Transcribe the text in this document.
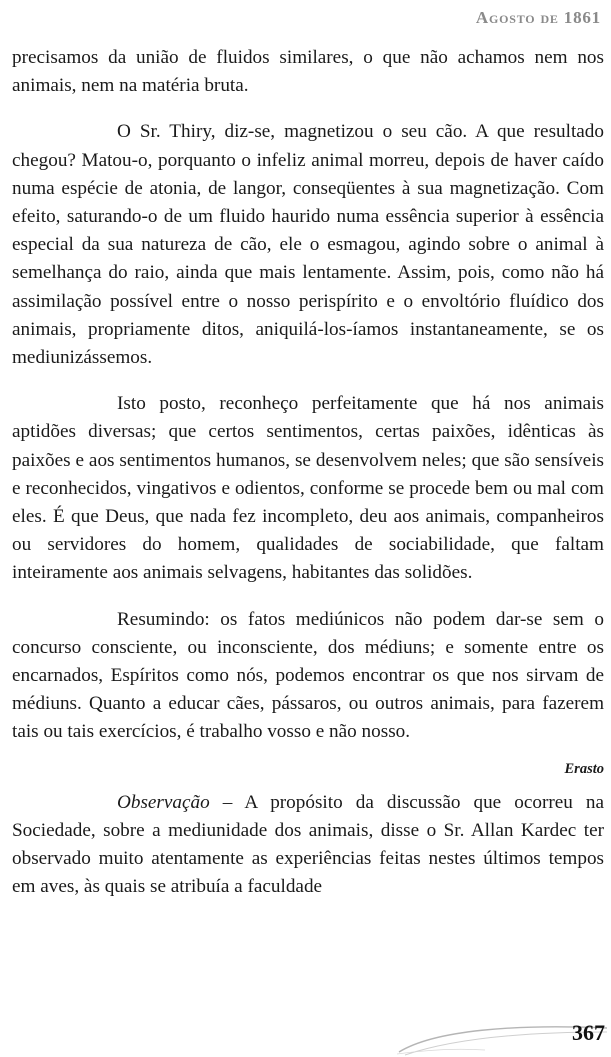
Agosto de 1861

precisamos da união de fluidos similares, o que não achamos nem nos animais, nem na matéria bruta.

O Sr. Thiry, diz-se, magnetizou o seu cão. A que resultado chegou? Matou-o, porquanto o infeliz animal morreu, depois de haver caído numa espécie de atonia, de langor, conseqüentes à sua magnetização. Com efeito, saturando-o de um fluido haurido numa essência superior à essência especial da sua natureza de cão, ele o esmagou, agindo sobre o animal à semelhança do raio, ainda que mais lentamente. Assim, pois, como não há assimilação possível entre o nosso perispírito e o envoltório fluídico dos animais, propriamente ditos, aniquilá-los-íamos instantaneamente, se os mediunizássemos.

Isto posto, reconheço perfeitamente que há nos animais aptidões diversas; que certos sentimentos, certas paixões, idênticas às paixões e aos sentimentos humanos, se desenvolvem neles; que são sensíveis e reconhecidos, vingativos e odientos, conforme se procede bem ou mal com eles. É que Deus, que nada fez incompleto, deu aos animais, companheiros ou servidores do homem, qualidades de sociabilidade, que faltam inteiramente aos animais selvagens, habitantes das solidões.

Resumindo: os fatos mediúnicos não podem dar-se sem o concurso consciente, ou inconsciente, dos médiuns; e somente entre os encarnados, Espíritos como nós, podemos encontrar os que nos sirvam de médiuns. Quanto a educar cães, pássaros, ou outros animais, para fazerem tais ou tais exercícios, é trabalho vosso e não nosso.

Erasto

Observação – A propósito da discussão que ocorreu na Sociedade, sobre a mediunidade dos animais, disse o Sr. Allan Kardec ter observado muito atentamente as experiências feitas nestes últimos tempos em aves, às quais se atribuía a faculdade

367
